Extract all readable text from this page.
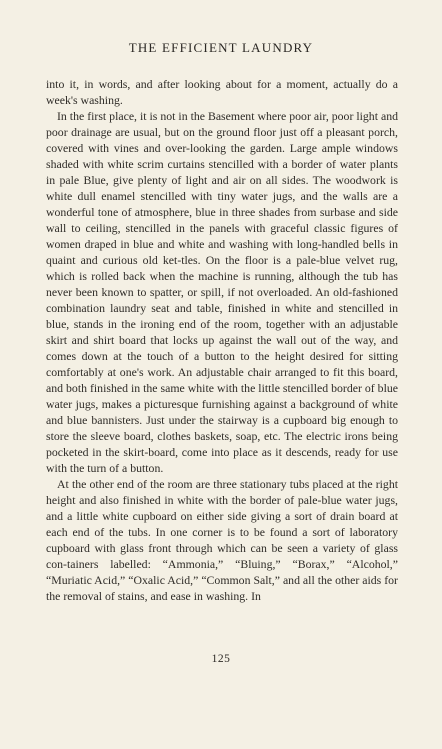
THE EFFICIENT LAUNDRY

into it, in words, and after looking about for a moment, actually do a week's washing.

In the first place, it is not in the Basement where poor air, poor light and poor drainage are usual, but on the ground floor just off a pleasant porch, covered with vines and over-looking the garden. Large ample windows shaded with white scrim curtains stencilled with a border of water plants in pale Blue, give plenty of light and air on all sides. The woodwork is white dull enamel stencilled with tiny water jugs, and the walls are a wonderful tone of atmosphere, blue in three shades from surbase and side wall to ceiling, stencilled in the panels with graceful classic figures of women draped in blue and white and washing with long-handled bells in quaint and curious old ket-tles. On the floor is a pale-blue velvet rug, which is rolled back when the machine is running, although the tub has never been known to spatter, or spill, if not overloaded. An old-fashioned combination laundry seat and table, finished in white and stencilled in blue, stands in the ironing end of the room, together with an adjustable skirt and shirt board that locks up against the wall out of the way, and comes down at the touch of a button to the height desired for sitting comfortably at one's work. An adjustable chair arranged to fit this board, and both finished in the same white with the little stencilled border of blue water jugs, makes a picturesque furnishing against a background of white and blue bannisters. Just under the stairway is a cupboard big enough to store the sleeve board, clothes baskets, soap, etc. The electric irons being pocketed in the skirt-board, come into place as it descends, ready for use with the turn of a button.

At the other end of the room are three stationary tubs placed at the right height and also finished in white with the border of pale-blue water jugs, and a little white cupboard on either side giving a sort of drain board at each end of the tubs. In one corner is to be found a sort of laboratory cupboard with glass front through which can be seen a variety of glass con-tainers labelled: “Ammonia,” “Bluing,” “Borax,” “Alcohol,” “Muriatic Acid,” “Oxalic Acid,” “Common Salt,” and all the other aids for the removal of stains, and ease in washing. In

125
